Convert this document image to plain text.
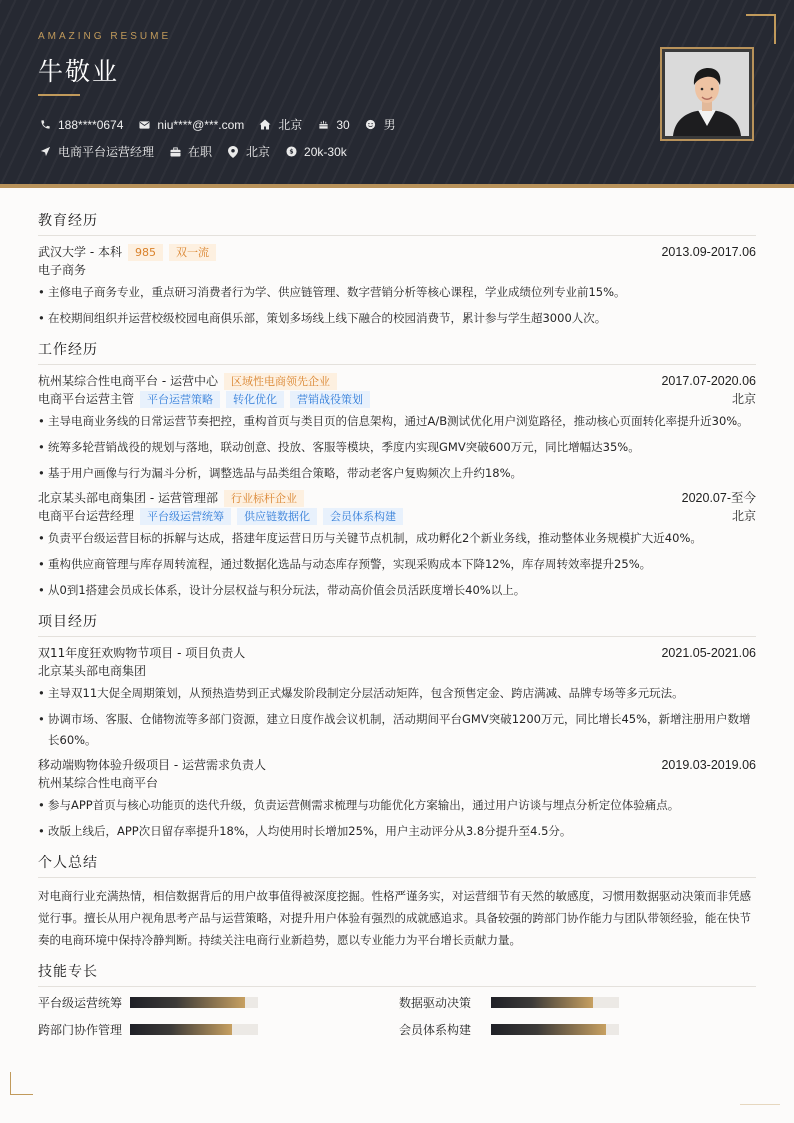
AMAZING RESUME
牛敬业
188****0674	niu****@***.com	北京	30	男
电商平台运营经理	在职	北京 $ 20k-30k
教育经历
武汉大学 - 本科	985	双一流	2013.09-2017.06
电子商务
• 主修电子商务专业，重点研习消费者行为学、供应链管理、数字营销分析等核心课程，学业成绩位列专业前15%。
• 在校期间组织并运营校级校园电商俱乐部，策划多场线上线下融合的校园消费节，累计参与学生超3000人次。
工作经历
杭州某综合性电商平台 - 运营中心	区域性电商领先企业	2017.07-2020.06
电商平台运营主管	平台运营策略	转化优化	营销战役策划	北京
• 主导电商业务线的日常运营节奏把控，重构首页与类目页的信息架构，通过A/B测试优化用户浏览路径，推动核心页面转化率提升近30%。
• 统筹多轮营销战役的规划与落地，联动创意、投放、客服等模块，季度内实现GMV突破600万元，同比增幅达35%。
• 基于用户画像与行为漏斗分析，调整选品与品类组合策略，带动老客户复购频次上升约18%。
北京某头部电商集团 - 运营管理部	行业标杆企业	2020.07-至今
电商平台运营经理	平台级运营统筹	供应链数据化	会员体系构建	北京
• 负责平台级运营目标的拆解与达成，搭建年度运营日历与关键节点机制，成功孵化2个新业务线，推动整体业务规模扩大近40%。
• 重构供应商管理与库存周转流程，通过数据化选品与动态库存预警，实现采购成本下降12%，库存周转效率提升25%。
• 从0到1搭建会员成长体系，设计分层权益与积分玩法，带动高价值会员活跃度增长40%以上。
项目经历
双11年度狂欢购物节项目 - 项目负责人	2021.05-2021.06
北京某头部电商集团
• 主导双11大促全周期策划，从预热造势到正式爆发阶段制定分层活动矩阵，包含预售定金、跨店满减、品牌专场等多元玩法。
• 协调市场、客服、仓储物流等多部门资源，建立日度作战会议机制，活动期间平台GMV突破1200万元，同比增长45%，新增注册用户数增长60%。
移动端购物体验升级项目 - 运营需求负责人	2019.03-2019.06
杭州某综合性电商平台
• 参与APP首页与核心功能页的迭代升级，负责运营侧需求梳理与功能优化方案输出，通过用户访谈与埋点分析定位体验痛点。
• 改版上线后，APP次日留存率提升18%，人均使用时长增加25%，用户主动评分从3.8分提升至4.5分。
个人总结
对电商行业充满热情，相信数据背后的用户故事值得被深度挖掘。性格严谨务实，对运营细节有天然的敏感度，习惯用数据驱动决策而非凭感觉行事。擅长从用户视角思考产品与运营策略，对提升用户体验有强烈的成就感追求。具备较强的跨部门协作能力与团队带领经验，能在快节奏的电商环境中保持冷静判断。持续关注电商行业新趋势，愿以专业能力为平台增长贡献力量。
技能专长
平台级运营统筹	数据驱动决策
跨部门协作管理	会员体系构建
